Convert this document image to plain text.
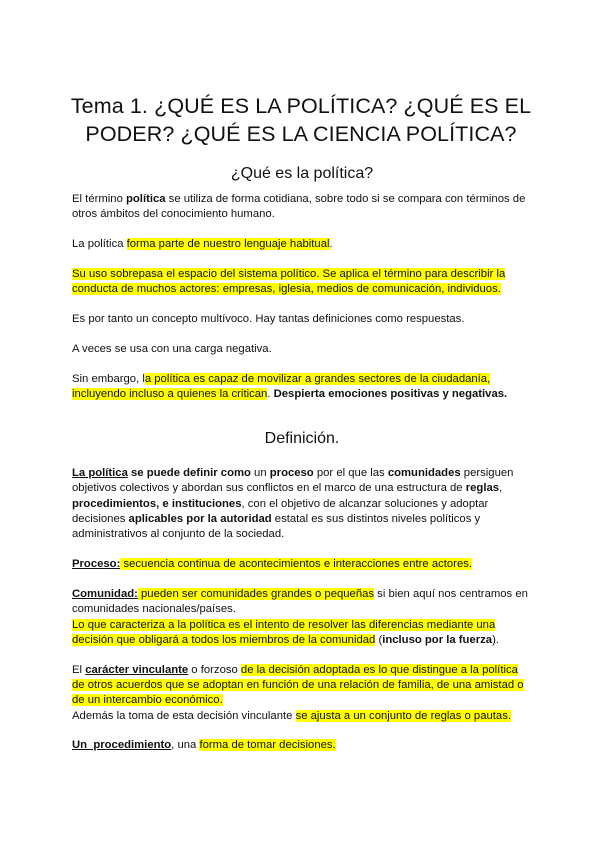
Tema 1. ¿QUÉ ES LA POLÍTICA? ¿QUÉ ES EL PODER? ¿QUÉ ES LA CIENCIA POLÍTICA?
¿Qué es la política?

El término política se utiliza de forma cotidiana, sobre todo si se compara con términos de otros ámbitos del conocimiento humano.

La política forma parte de nuestro lenguaje habitual.

Su uso sobrepasa el espacio del sistema político. Se aplica el término para describir la conducta de muchos actores: empresas, iglesia, medios de comunicación, individuos.

Es por tanto un concepto multívoco. Hay tantas definiciones como respuestas.

A veces se usa con una carga negativa.

Sin embargo, la política es capaz de movilizar a grandes sectores de la ciudadanía, incluyendo incluso a quienes la critican. Despierta emociones positivas y negativas.

Definición.

La política se puede definir como un proceso por el que las comunidades persiguen objetivos colectivos y abordan sus conflictos en el marco de una estructura de reglas, procedimientos, e instituciones, con el objetivo de alcanzar soluciones y adoptar decisiones aplicables por la autoridad estatal es sus distintos niveles políticos y administrativos al conjunto de la sociedad.

Proceso: secuencia continua de acontecimientos e interacciones entre actores.

Comunidad: pueden ser comunidades grandes o pequeñas si bien aquí nos centramos en comunidades nacionales/países.

Lo que caracteriza a la política es el intento de resolver las diferencias mediante una decisión que obligará a todos los miembros de la comunidad (incluso por la fuerza).

El carácter vinculante o forzoso de la decisión adoptada es lo que distingue a la política de otros acuerdos que se adoptan en función de una relación de familia, de una amistad o de un intercambio económico.

Además la toma de esta decisión vinculante se ajusta a un conjunto de reglas o pautas.

Un  procedimiento, una forma de tomar decisiones.
